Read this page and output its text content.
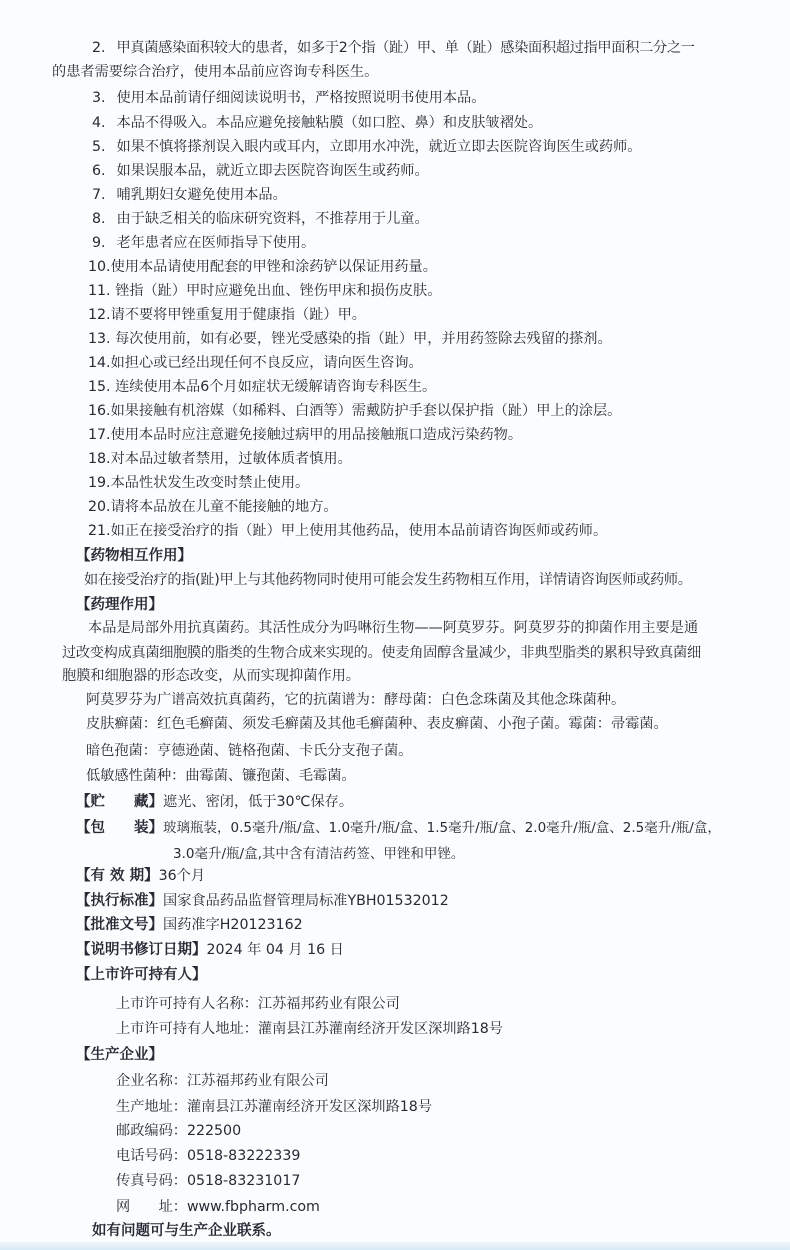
2. 甲真菌感染面积较大的患者，如多于2个指（趾）甲、单（趾）感染面积超过指甲面积二分之一
的患者需要综合治疗，使用本品前应咨询专科医生。
3. 使用本品前请仔细阅读说明书，严格按照说明书使用本品。
4. 本品不得吸入。本品应避免接触粘膜（如口腔、鼻）和皮肤皱褶处。
5. 如果不慎将搽剂误入眼内或耳内，立即用水冲洗，就近立即去医院咨询医生或药师。
6. 如果误服本品，就近立即去医院咨询医生或药师。
7. 哺乳期妇女避免使用本品。
8. 由于缺乏相关的临床研究资料，不推荐用于儿童。
9. 老年患者应在医师指导下使用。
10.使用本品请使用配套的甲锉和涂药铲以保证用药量。
11. 锉指（趾）甲时应避免出血、锉伤甲床和损伤皮肤。
12.请不要将甲锉重复用于健康指（趾）甲。
13. 每次使用前，如有必要，锉光受感染的指（趾）甲，并用药签除去残留的搽剂。
14.如担心或已经出现任何不良反应，请向医生咨询。
15. 连续使用本品6个月如症状无缓解请咨询专科医生。
16.如果接触有机溶媒（如稀料、白酒等）需戴防护手套以保护指（趾）甲上的涂层。
17.使用本品时应注意避免接触过病甲的用品接触瓶口造成污染药物。
18.对本品过敏者禁用，过敏体质者慎用。
19.本品性状发生改变时禁止使用。
20.请将本品放在儿童不能接触的地方。
21.如正在接受治疗的指（趾）甲上使用其他药品，使用本品前请咨询医师或药师。
【药物相互作用】
如在接受治疗的指(趾)甲上与其他药物同时使用可能会发生药物相互作用，详情请咨询医师或药师。
【药理作用】
本品是局部外用抗真菌药。其活性成分为吗啉衍生物——阿莫罗芬。阿莫罗芬的抑菌作用主要是通
过改变构成真菌细胞膜的脂类的生物合成来实现的。使麦角固醇含量减少，非典型脂类的累积导致真菌细
胞膜和细胞器的形态改变，从而实现抑菌作用。
阿莫罗芬为广谱高效抗真菌药，它的抗菌谱为：酵母菌：白色念珠菌及其他念珠菌种。
皮肤癣菌：红色毛癣菌、须发毛癣菌及其他毛癣菌种、表皮癣菌、小孢子菌。霉菌：帚霉菌。
暗色孢菌：亨德逊菌、链格孢菌、卡氏分支孢子菌。
低敏感性菌种：曲霉菌、镰孢菌、毛霉菌。
【贮　　藏】遮光、密闭，低于30℃保存。
【包　　装】玻璃瓶装，0.5毫升/瓶/盒、1.0毫升/瓶/盒、1.5毫升/瓶/盒、2.0毫升/瓶/盒、2.5毫升/瓶/盒，
3.0毫升/瓶/盒,其中含有清洁药签、甲锉和甲锉。
【有 效 期】36个月
【执行标准】国家食品药品监督管理局标准YBH01532012
【批准文号】国药准字H20123162
【说明书修订日期】2024 年 04 月 16 日
【上市许可持有人】
上市许可持有人名称：江苏福邦药业有限公司
上市许可持有人地址：灌南县江苏灌南经济开发区深圳路18号
【生产企业】
企业名称：江苏福邦药业有限公司
生产地址：灌南县江苏灌南经济开发区深圳路18号
邮政编码：222500
电话号码：0518-83222339
传真号码：0518-83231017
网　　址：www.fbpharm.com
如有问题可与生产企业联系。
